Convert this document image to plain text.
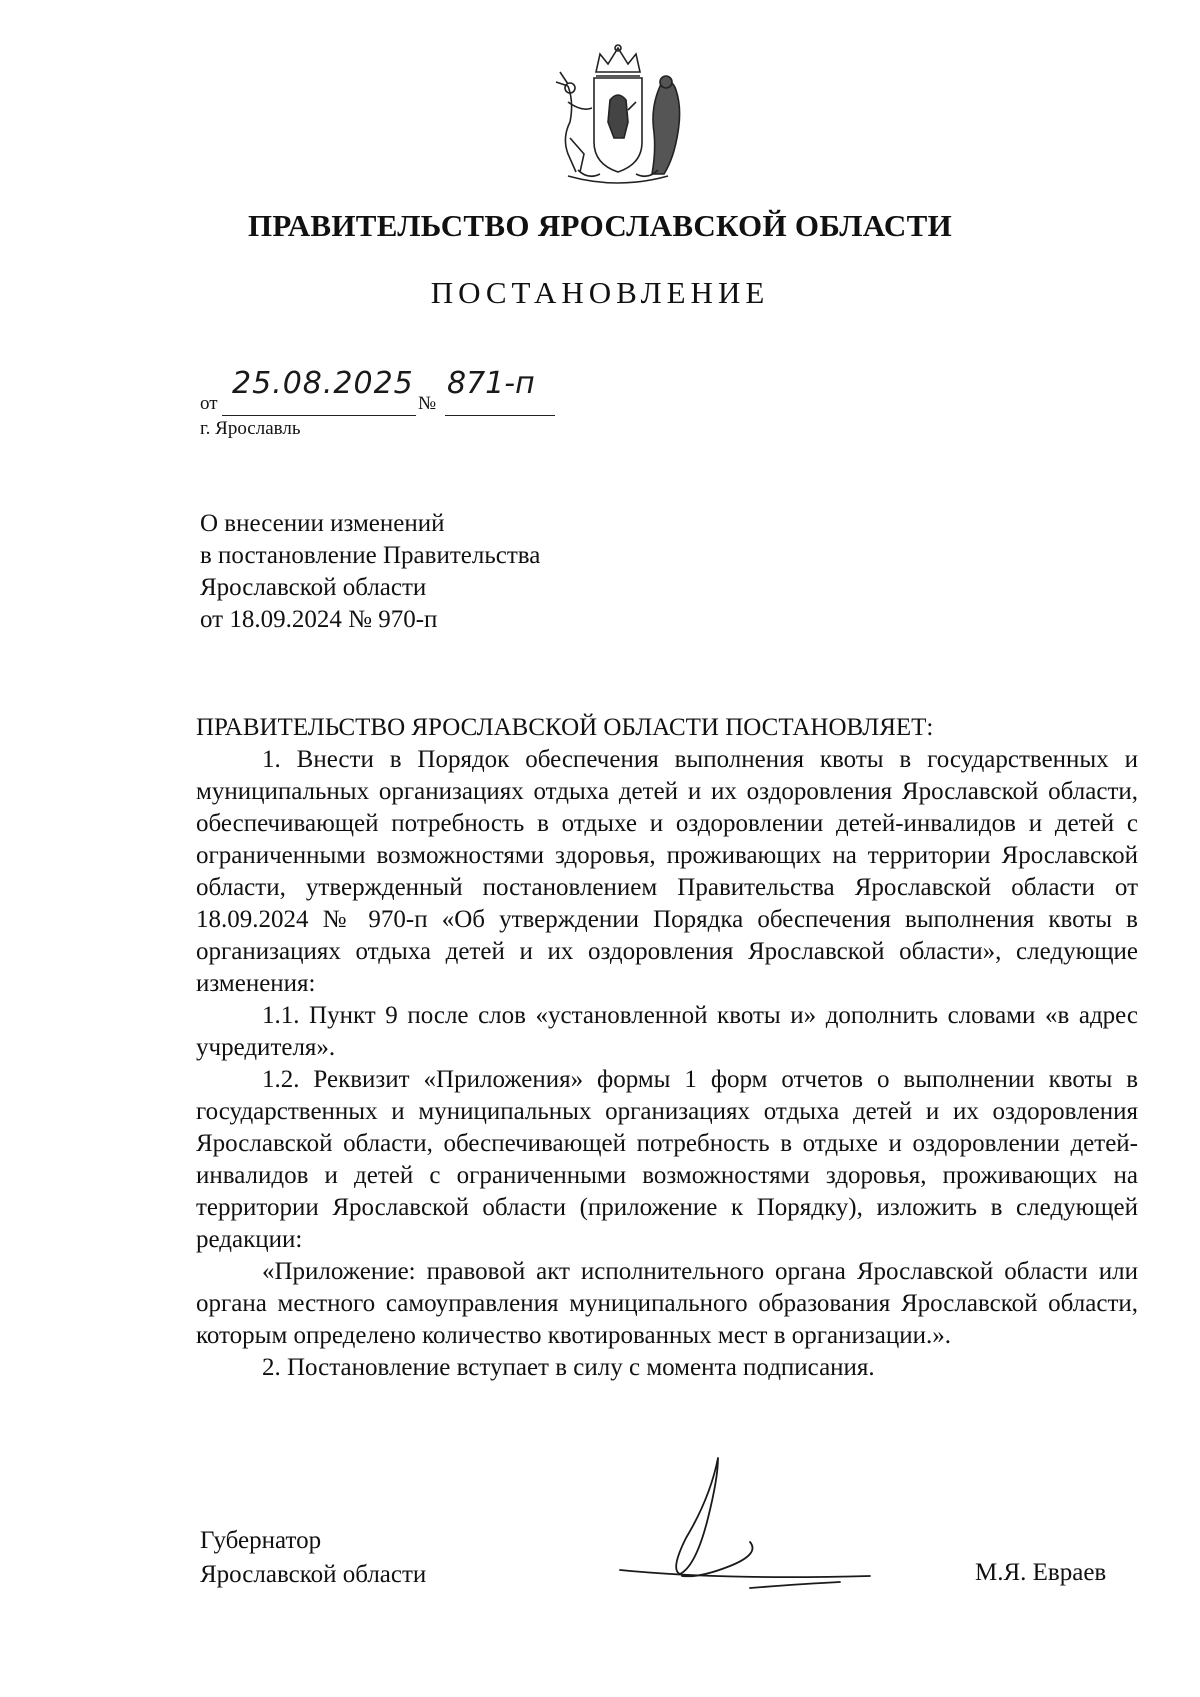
ПРАВИТЕЛЬСТВО ЯРОСЛАВСКОЙ ОБЛАСТИ
ПОСТАНОВЛЕНИЕ
от
25.08.2025
№
871-п
г. Ярославль
О внесении изменений
в постановление Правительства
Ярославской области
от 18.09.2024 № 970-п

ПРАВИТЕЛЬСТВО ЯРОСЛАВСКОЙ ОБЛАСТИ ПОСТАНОВЛЯЕТ:

1. Внести в Порядок обеспечения выполнения квоты в государственных и муниципальных организациях отдыха детей и их оздоровления Ярославской области, обеспечивающей потребность в отдыхе и оздоровлении детей-инвалидов и детей с ограниченными возможностями здоровья, проживающих на территории Ярославской области, утвержденный постановлением Правительства Ярославской области от 18.09.2024 № 970-п «Об утверждении Порядка обеспечения выполнения квоты в организациях отдыха детей и их оздоровления Ярославской области», следующие изменения:

1.1. Пункт 9 после слов «установленной квоты и» дополнить словами «в адрес учредителя».

1.2. Реквизит «Приложения» формы 1 форм отчетов о выполнении квоты в государственных и муниципальных организациях отдыха детей и их оздоровления Ярославской области, обеспечивающей потребность в отдыхе и оздоровлении детей-инвалидов и детей с ограниченными возможностями здоровья, проживающих на территории Ярославской области (приложение к Порядку), изложить в следующей редакции:

«Приложение: правовой акт исполнительного органа Ярославской области или органа местного самоуправления муниципального образования Ярославской области, которым определено количество квотированных мест в организации.».

2. Постановление вступает в силу с момента подписания.

Губернатор
Ярославской области	М.Я. Евраев
